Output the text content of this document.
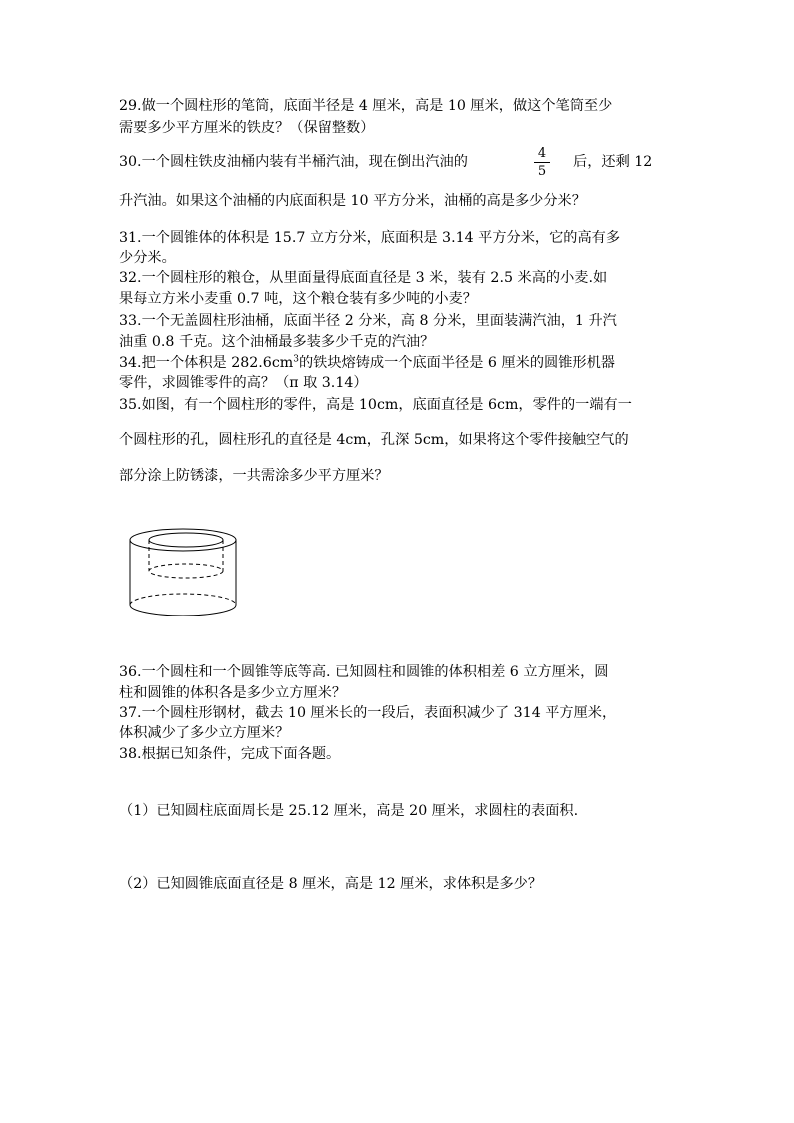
29.做一个圆柱形的笔筒，底面半径是 4 厘米，高是 10 厘米，做这个笔筒至少
需要多少平方厘米的铁皮？（保留整数）
30.一个圆柱铁皮油桶内装有半桶汽油，现在倒出汽油的
4
5
后，还剩 12
升汽油。如果这个油桶的内底面积是 10 平方分米，油桶的高是多少分米？
31.一个圆锥体的体积是 15.7 立方分米，底面积是 3.14 平方分米，它的高有多
少分米。
32.一个圆柱形的粮仓，从里面量得底面直径是 3 米，装有 2.5 米高的小麦.如
果每立方米小麦重 0.7 吨，这个粮仓装有多少吨的小麦？
33.一个无盖圆柱形油桶，底面半径 2 分米，高 8 分米，里面装满汽油，1 升汽
油重 0.8 千克。这个油桶最多装多少千克的汽油？
34.把一个体积是 $282.6cm^3$的铁块熔铸成一个底面半径是 6 厘米的圆锥形机器
零件，求圆锥零件的高？（π 取 3.14）
35.如图，有一个圆柱形的零件，高是 10cm，底面直径是 6cm，零件的一端有一
个圆柱形的孔，圆柱形孔的直径是 4cm，孔深 5cm，如果将这个零件接触空气的
部分涂上防锈漆，一共需涂多少平方厘米？
36.一个圆柱和一个圆锥等底等高. 已知圆柱和圆锥的体积相差 6 立方厘米，圆
柱和圆锥的体积各是多少立方厘米？
37.一个圆柱形钢材，截去 10 厘米长的一段后，表面积减少了 314 平方厘米，
体积减少了多少立方厘米？
38.根据已知条件，完成下面各题。
（1）已知圆柱底面周长是 25.12 厘米，高是 20 厘米，求圆柱的表面积.
（2）已知圆锥底面直径是 8 厘米，高是 12 厘米，求体积是多少？
